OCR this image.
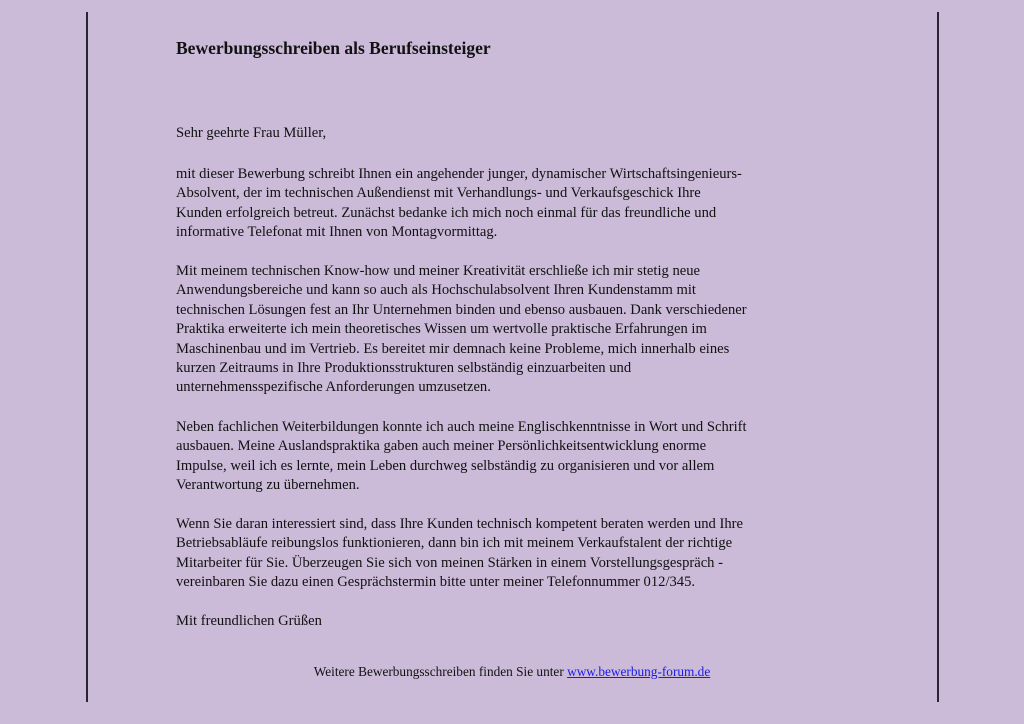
Bewerbungsschreiben als Berufseinsteiger

Sehr geehrte Frau Müller,

mit dieser Bewerbung schreibt Ihnen ein angehender junger, dynamischer Wirtschaftsingenieurs-
Absolvent, der im technischen Außendienst mit Verhandlungs- und Verkaufsgeschick Ihre
Kunden erfolgreich betreut. Zunächst bedanke ich mich noch einmal für das freundliche und
informative Telefonat mit Ihnen von Montagvormittag.

Mit meinem technischen Know-how und meiner Kreativität erschließe ich mir stetig neue
Anwendungsbereiche und kann so auch als Hochschulabsolvent Ihren Kundenstamm mit
technischen Lösungen fest an Ihr Unternehmen binden und ebenso ausbauen. Dank verschiedener
Praktika erweiterte ich mein theoretisches Wissen um wertvolle praktische Erfahrungen im
Maschinenbau und im Vertrieb. Es bereitet mir demnach keine Probleme, mich innerhalb eines
kurzen Zeitraums in Ihre Produktionsstrukturen selbständig einzuarbeiten und
unternehmensspezifische Anforderungen umzusetzen.

Neben fachlichen Weiterbildungen konnte ich auch meine Englischkenntnisse in Wort und Schrift
ausbauen. Meine Auslandspraktika gaben auch meiner Persönlichkeitsentwicklung enorme
Impulse, weil ich es lernte, mein Leben durchweg selbständig zu organisieren und vor allem
Verantwortung zu übernehmen.

Wenn Sie daran interessiert sind, dass Ihre Kunden technisch kompetent beraten werden und Ihre
Betriebsabläufe reibungslos funktionieren, dann bin ich mit meinem Verkaufstalent der richtige
Mitarbeiter für Sie. Überzeugen Sie sich von meinen Stärken in einem Vorstellungsgespräch -
vereinbaren Sie dazu einen Gesprächstermin bitte unter meiner Telefonnummer 012/345.

Mit freundlichen Grüßen

Weitere Bewerbungsschreiben finden Sie unter www.bewerbung-forum.de
